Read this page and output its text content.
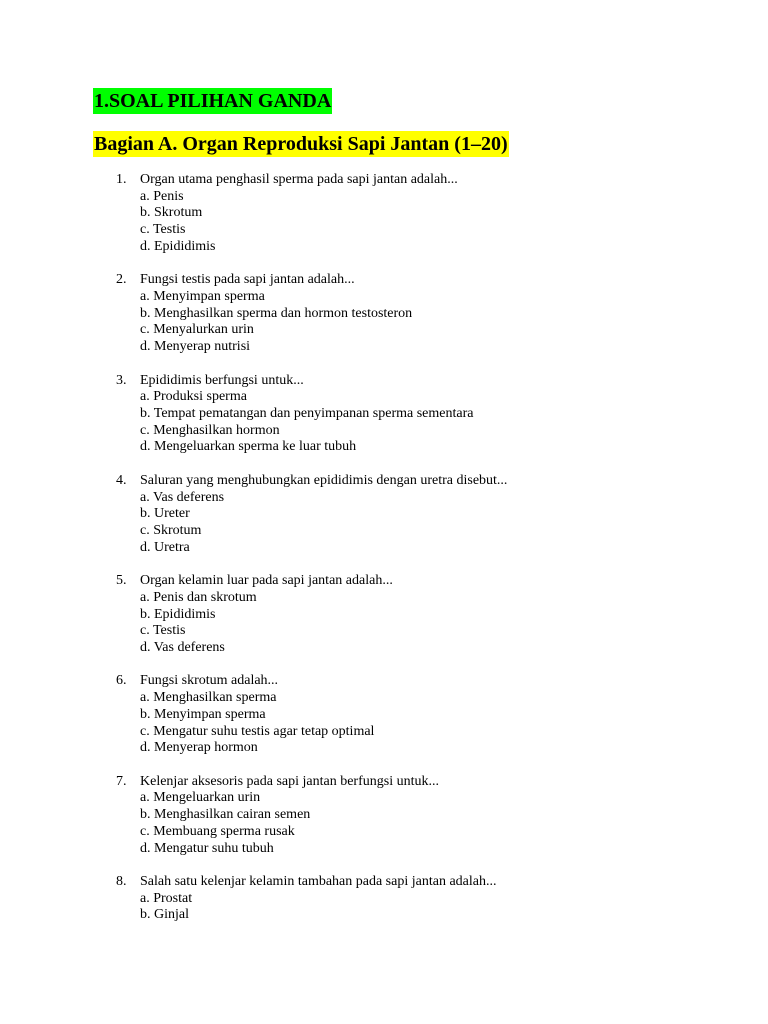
1.SOAL PILIHAN GANDA
Bagian A. Organ Reproduksi Sapi Jantan (1–20)
1. Organ utama penghasil sperma pada sapi jantan adalah...
a. Penis
b. Skrotum
c. Testis
d. Epididimis
2. Fungsi testis pada sapi jantan adalah...
a. Menyimpan sperma
b. Menghasilkan sperma dan hormon testosteron
c. Menyalurkan urin
d. Menyerap nutrisi
3. Epididimis berfungsi untuk...
a. Produksi sperma
b. Tempat pematangan dan penyimpanan sperma sementara
c. Menghasilkan hormon
d. Mengeluarkan sperma ke luar tubuh
4. Saluran yang menghubungkan epididimis dengan uretra disebut...
a. Vas deferens
b. Ureter
c. Skrotum
d. Uretra
5. Organ kelamin luar pada sapi jantan adalah...
a. Penis dan skrotum
b. Epididimis
c. Testis
d. Vas deferens
6. Fungsi skrotum adalah...
a. Menghasilkan sperma
b. Menyimpan sperma
c. Mengatur suhu testis agar tetap optimal
d. Menyerap hormon
7. Kelenjar aksesoris pada sapi jantan berfungsi untuk...
a. Mengeluarkan urin
b. Menghasilkan cairan semen
c. Membuang sperma rusak
d. Mengatur suhu tubuh
8. Salah satu kelenjar kelamin tambahan pada sapi jantan adalah...
a. Prostat
b. Ginjal
